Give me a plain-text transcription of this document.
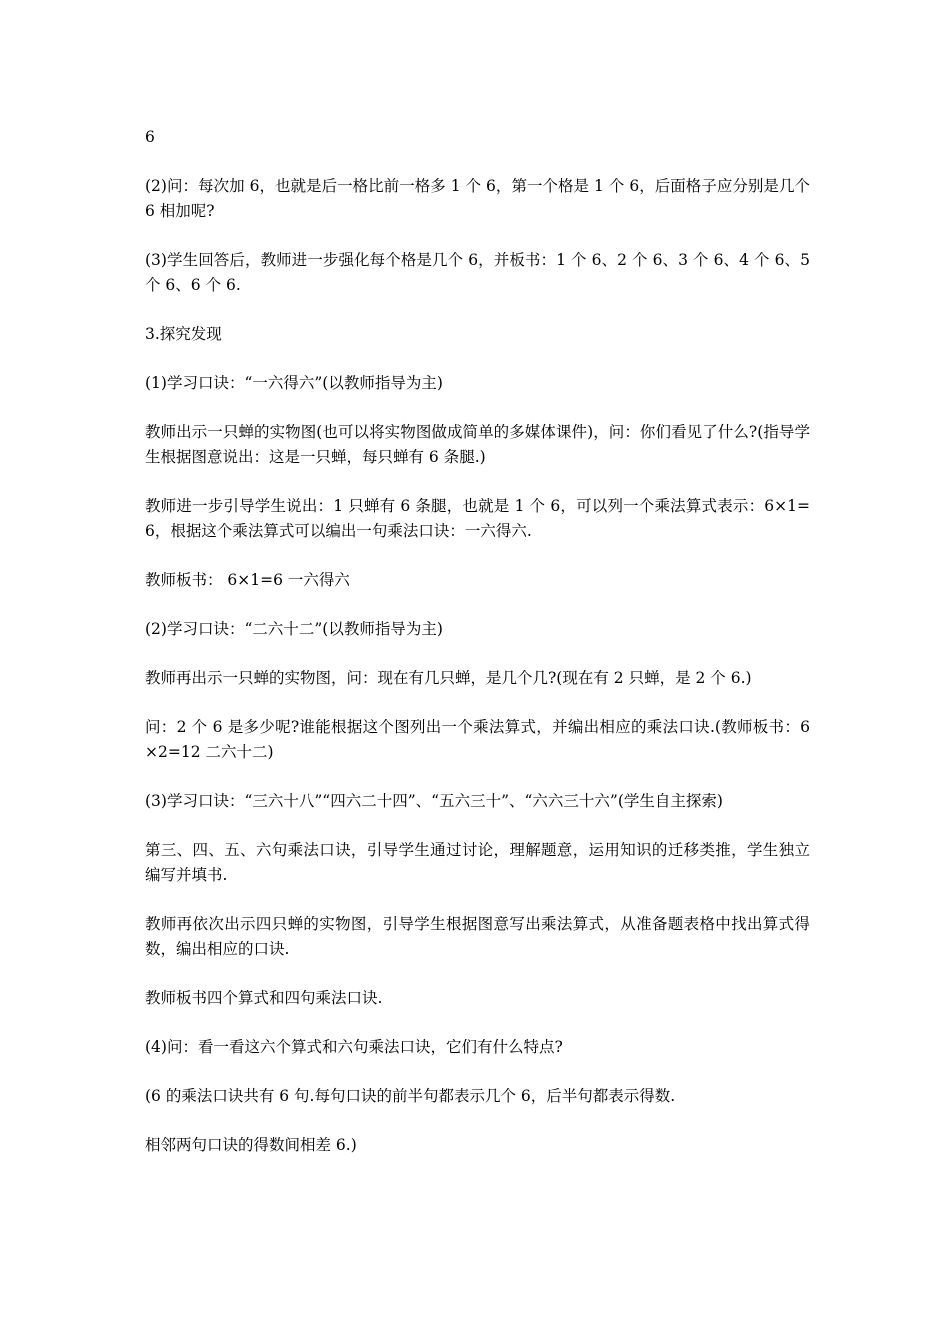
6

(2)问：每次加 6，也就是后一格比前一格多 1 个 6，第一个格是 1 个 6，后面格子应分别是几个 6 相加呢?

(3)学生回答后，教师进一步强化每个格是几个 6，并板书：1 个 6、2 个 6、3 个 6、4 个 6、5 个 6、6 个 6.

3.探究发现

(1)学习口诀：“一六得六”(以教师指导为主)

教师出示一只蝉的实物图(也可以将实物图做成简单的多媒体课件)，问：你们看见了什么?(指导学生根据图意说出：这是一只蝉，每只蝉有 6 条腿.)

教师进一步引导学生说出：1 只蝉有 6 条腿，也就是 1 个 6，可以列一个乘法算式表示：6×1=6，根据这个乘法算式可以编出一句乘法口诀：一六得六.

教师板书： 6×1=6 一六得六

(2)学习口诀：“二六十二”(以教师指导为主)

教师再出示一只蝉的实物图，问：现在有几只蝉，是几个几?(现在有 2 只蝉，是 2 个 6.)

问：2 个 6 是多少呢?谁能根据这个图列出一个乘法算式，并编出相应的乘法口诀.(教师板书：6×2=12 二六十二)

(3)学习口诀：“三六十八”“四六二十四”、“五六三十”、“六六三十六”(学生自主探索)

第三、四、五、六句乘法口诀，引导学生通过讨论，理解题意，运用知识的迁移类推，学生独立编写并填书.

教师再依次出示四只蝉的实物图，引导学生根据图意写出乘法算式，从准备题表格中找出算式得数，编出相应的口诀.

教师板书四个算式和四句乘法口诀.

(4)问：看一看这六个算式和六句乘法口诀，它们有什么特点?

(6 的乘法口诀共有 6 句.每句口诀的前半句都表示几个 6，后半句都表示得数.

相邻两句口诀的得数间相差 6.)
